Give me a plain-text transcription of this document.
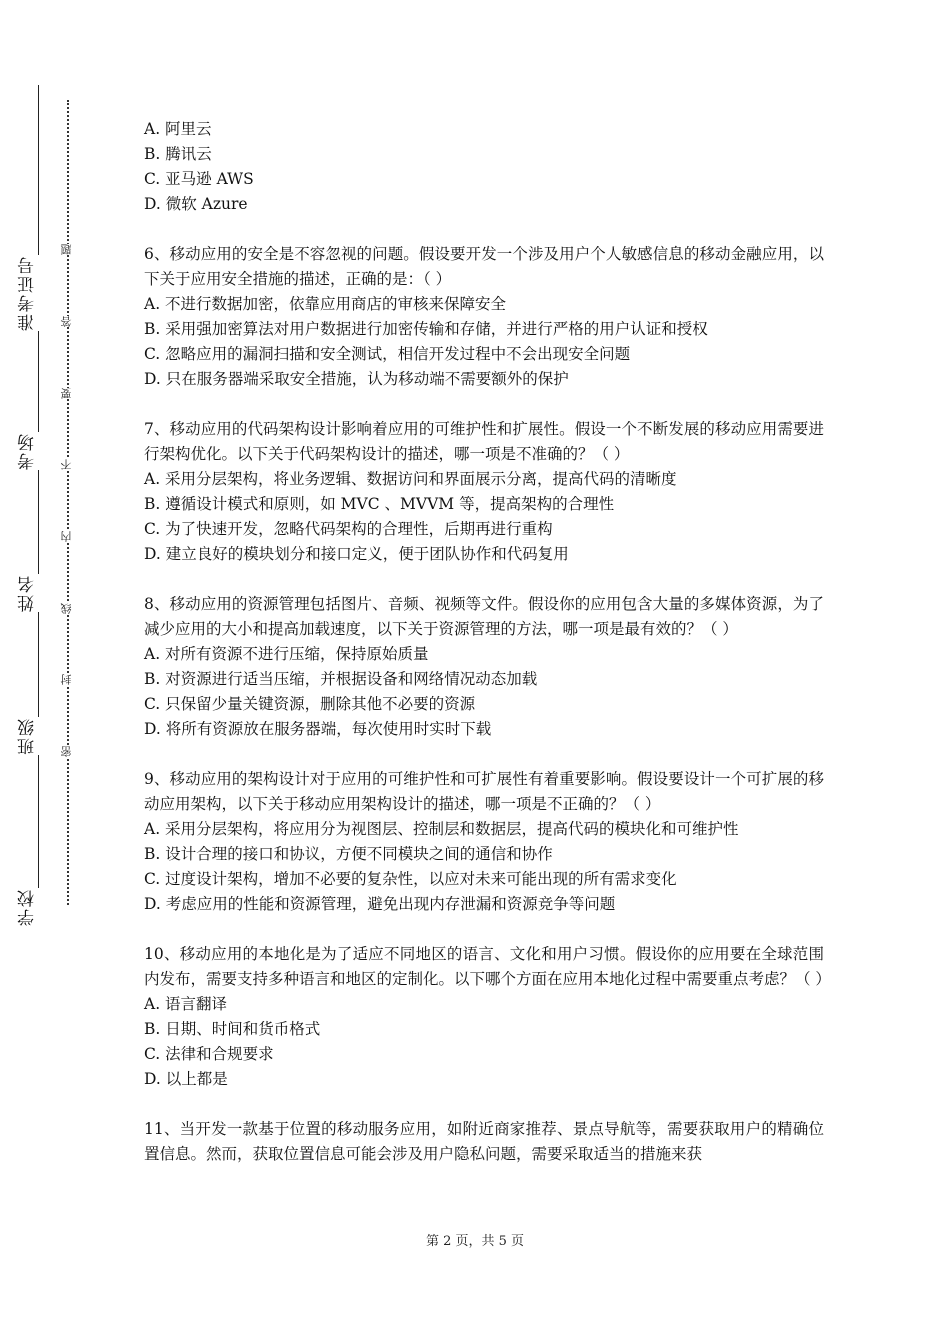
准考证号
考场
姓名
班级
学校
题
答
要
不
内
线
封
密
A. 阿里云
B. 腾讯云
C. 亚马逊 AWS
D. 微软 Azure
6、移动应用的安全是不容忽视的问题。假设要开发一个涉及用户个人敏感信息的移动金融应用，以下关于应用安全措施的描述，正确的是：（ ）
A. 不进行数据加密，依靠应用商店的审核来保障安全
B. 采用强加密算法对用户数据进行加密传输和存储，并进行严格的用户认证和授权
C. 忽略应用的漏洞扫描和安全测试，相信开发过程中不会出现安全问题
D. 只在服务器端采取安全措施，认为移动端不需要额外的保护
7、移动应用的代码架构设计影响着应用的可维护性和扩展性。假设一个不断发展的移动应用需要进行架构优化。以下关于代码架构设计的描述，哪一项是不准确的？（ ）
A. 采用分层架构，将业务逻辑、数据访问和界面展示分离，提高代码的清晰度
B. 遵循设计模式和原则，如 MVC 、MVVM 等，提高架构的合理性
C. 为了快速开发，忽略代码架构的合理性，后期再进行重构
D. 建立良好的模块划分和接口定义，便于团队协作和代码复用
8、移动应用的资源管理包括图片、音频、视频等文件。假设你的应用包含大量的多媒体资源，为了减少应用的大小和提高加载速度，以下关于资源管理的方法，哪一项是最有效的？（ ）
A. 对所有资源不进行压缩，保持原始质量
B. 对资源进行适当压缩，并根据设备和网络情况动态加载
C. 只保留少量关键资源，删除其他不必要的资源
D. 将所有资源放在服务器端，每次使用时实时下载
9、移动应用的架构设计对于应用的可维护性和可扩展性有着重要影响。假设要设计一个可扩展的移动应用架构，以下关于移动应用架构设计的描述，哪一项是不正确的？（ ）
A. 采用分层架构，将应用分为视图层、控制层和数据层，提高代码的模块化和可维护性
B. 设计合理的接口和协议，方便不同模块之间的通信和协作
C. 过度设计架构，增加不必要的复杂性，以应对未来可能出现的所有需求变化
D. 考虑应用的性能和资源管理，避免出现内存泄漏和资源竞争等问题
10、移动应用的本地化是为了适应不同地区的语言、文化和用户习惯。假设你的应用要在全球范围内发布，需要支持多种语言和地区的定制化。以下哪个方面在应用本地化过程中需要重点考虑？（ ）
A. 语言翻译
B. 日期、时间和货币格式
C. 法律和合规要求
D. 以上都是
11、当开发一款基于位置的移动服务应用，如附近商家推荐、景点导航等，需要获取用户的精确位置信息。然而，获取位置信息可能会涉及用户隐私问题，需要采取适当的措施来获
第 2 页，共 5 页
